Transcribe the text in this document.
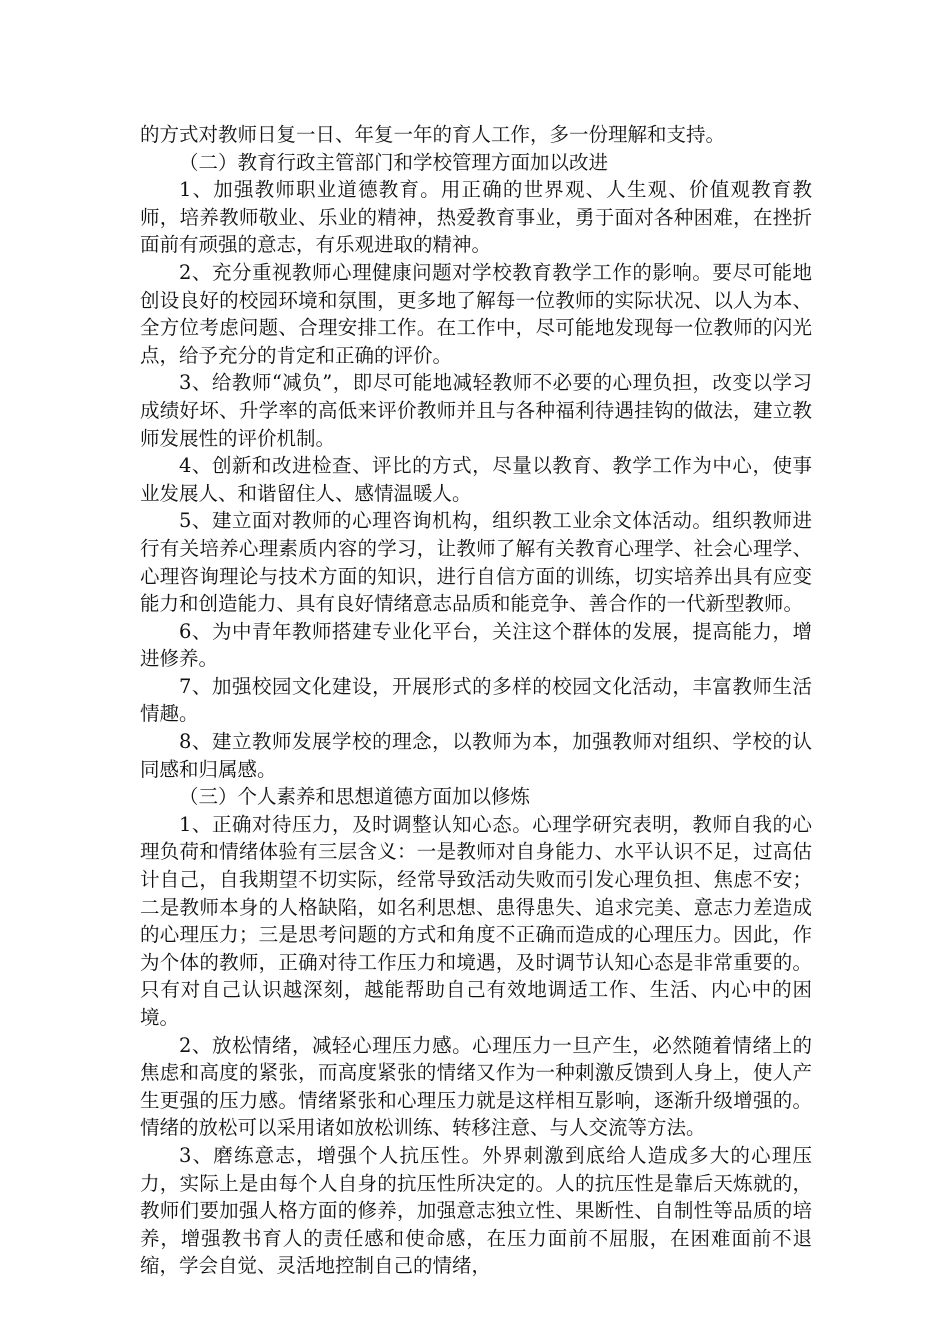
的方式对教师日复一日、年复一年的育人工作，多一份理解和支持。

（二）教育行政主管部门和学校管理方面加以改进

1、加强教师职业道德教育。用正确的世界观、人生观、价值观教育教师，培养教师敬业、乐业的精神，热爱教育事业，勇于面对各种困难，在挫折面前有顽强的意志，有乐观进取的精神。

2、充分重视教师心理健康问题对学校教育教学工作的影响。要尽可能地创设良好的校园环境和氛围，更多地了解每一位教师的实际状况、以人为本、全方位考虑问题、合理安排工作。在工作中，尽可能地发现每一位教师的闪光点，给予充分的肯定和正确的评价。

3、给教师“减负”，即尽可能地减轻教师不必要的心理负担，改变以学习成绩好坏、升学率的高低来评价教师并且与各种福利待遇挂钩的做法，建立教师发展性的评价机制。

4、创新和改进检查、评比的方式，尽量以教育、教学工作为中心，使事业发展人、和谐留住人、感情温暖人。

5、建立面对教师的心理咨询机构，组织教工业余文体活动。组织教师进行有关培养心理素质内容的学习，让教师了解有关教育心理学、社会心理学、心理咨询理论与技术方面的知识，进行自信方面的训练，切实培养出具有应变能力和创造能力、具有良好情绪意志品质和能竞争、善合作的一代新型教师。

6、为中青年教师搭建专业化平台，关注这个群体的发展，提高能力，增进修养。

7、加强校园文化建设，开展形式的多样的校园文化活动，丰富教师生活情趣。

8、建立教师发展学校的理念，以教师为本，加强教师对组织、学校的认同感和归属感。

（三）个人素养和思想道德方面加以修炼

1、正确对待压力，及时调整认知心态。心理学研究表明，教师自我的心理负荷和情绪体验有三层含义：一是教师对自身能力、水平认识不足，过高估计自己，自我期望不切实际，经常导致活动失败而引发心理负担、焦虑不安；二是教师本身的人格缺陷，如名利思想、患得患失、追求完美、意志力差造成的心理压力；三是思考问题的方式和角度不正确而造成的心理压力。因此，作为个体的教师，正确对待工作压力和境遇，及时调节认知心态是非常重要的。只有对自己认识越深刻，越能帮助自己有效地调适工作、生活、内心中的困境。

2、放松情绪，减轻心理压力感。心理压力一旦产生，必然随着情绪上的焦虑和高度的紧张，而高度紧张的情绪又作为一种刺激反馈到人身上，使人产生更强的压力感。情绪紧张和心理压力就是这样相互影响，逐渐升级增强的。情绪的放松可以采用诸如放松训练、转移注意、与人交流等方法。

3、磨练意志，增强个人抗压性。外界刺激到底给人造成多大的心理压力，实际上是由每个人自身的抗压性所决定的。人的抗压性是靠后天炼就的，教师们要加强人格方面的修养，加强意志独立性、果断性、自制性等品质的培养，增强教书育人的责任感和使命感，在压力面前不屈服，在困难面前不退缩，学会自觉、灵活地控制自己的情绪，
